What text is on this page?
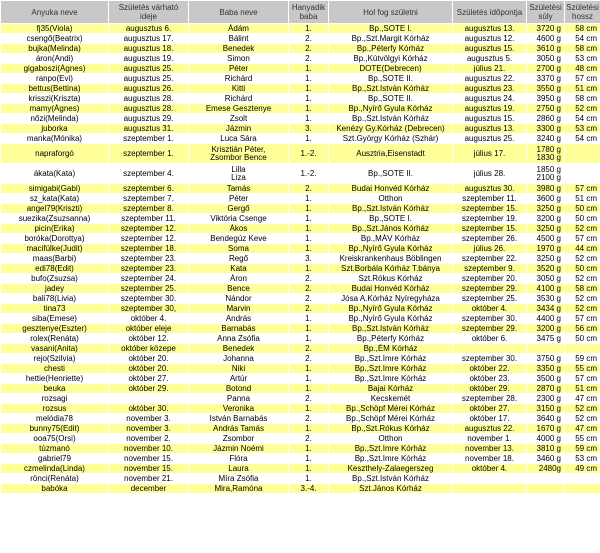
Anyuka neve	Születés várható ideje	Baba neve	Hanyadik baba	Hol fog születni	Születés időpontja	Születési súly	Születési hossz

fj35(Viola)	augusztus 6.	Ádám	1.	Bp.,SOTE I.	augusztus 13.	3720 g	58 cm

csengő(Beatrix)	augusztus 17.	Bálint	2.	Bp.,Szt.Margit Kórház	augusztus 12.	4600 g	54 cm

bujka(Melinda)	augusztus 18.	Benedek	2.	Bp.,Péterfy Kórház	augusztus 15.	3610 g	58 cm

áron(Andi)	augusztus 19.	Simon	2.	Bp.,Kútvölgyi Kórház	augusztus 5.	3050 g	53 cm

gigaboszi(Ágnes)	augusztus 25.	Péter	1.	DOTE(Debrecen)	július 21.	2700 g	48 cm

ranpo(Evi)	augusztus 25.	Richárd	1.	Bp.,SOTE II.	augusztus 22.	3370 g	57 cm

bettus(Bettina)	augusztus 26.	Kitti	1.	Bp.,Szt.István Kórház	augusztus 23.	3550 g	51 cm

krisszi(Kriszta)	augusztus 28.	Richárd	1.	Bp.,SOTE II.	augusztus 24.	3950 g	58 cm

mamy(Ágnes)	augusztus 28.	Emese Gesztenye	1.	Bp.,Nyírő Gyula Kórház	augusztus 19.	2750 g	52 cm

nőzi(Melinda)	augusztus 29.	Zsolt	1.	Bp.,Szt.István Kórház	augusztus 15.	2860 g	54 cm

juborka	augusztus 31.	Jázmin	3.	Kenézy Gy.Kórház (Debrecen)	augusztus 13.	3300 g	53 cm

manka(Mónika)	szeptember 1.	Luca Sára	1.	Szt.György Kórház (Szhár)	augusztus 25.	3240 g	54 cm

napraforgó	szeptember 1.	Krisztián Péter,
Zsombor Bence	1.-2.	Ausztria,Eisenstadt	július 17.	1780 g
1830 g	

ákata(Kata)	szeptember 4.	Lilla
Liza	1.-2.	Bp.,SOTE II.	július 28.	1850 g
2100 g	

simigabi(Gabi)	szeptember 6.	Tamás	2.	Budai Honvéd Kórház	augusztus 30.	3980 g	57 cm

sz_kata(Kata)	szeptember 7.	Péter	1.	Otthon	szeptember 11.	3600 g	51 cm

angel79(Kriszti)	szeptember 8.	Gergő	1.	Bp.,Szt.István Kórház	szeptember 15.	3250 g	50 cm

suezika(Zsuzsanna)	szeptember 11.	Viktória Csenge	1.	Bp.,SOTE I.	szeptember 19.	3200 g	50 cm

picin(Erika)	szeptember 12.	Ákos	1.	Bp.,Szt.János Kórház	szeptember 15.	3250 g	52 cm

boróka(Dorottya)	szeptember 12.	Bendegúz Keve	1.	Bp.,MÁV Kórház	szeptember 26.	4500 g	57 cm

macifülke(Judit)	szeptember 18.	Soma	1.	Bp.,Nyírő Gyula Kórház	július 26.	1970 g	44 cm

maas(Barbi)	szeptember 23.	Regő	3.	Kreiskrankenhaus Böblingen	szeptember 22.	3250 g	52 cm

edi78(Edit)	szeptember 23.	Kata	1.	Szt.Borbála Kórház T.bánya	szeptember 9.	3520 g	50 cm

bufo(Zsuzsa)	szeptember 24.	Áron	2.	Szt.Rókus Kórház	szeptember 20.	3050 g	52 cm

jadey	szeptember 25.	Bence	2.	Budai Honvéd Kórház	szeptember 29.	4100 g	58 cm

bali78(Livia)	szeptember 30.	Nándor	2.	Jósa A.Kórház Nyíregyháza	szeptember 25.	3530 g	52 cm

tina73	szeptember 30,	Marvin	2.	Bp.,Nyírő Gyula Kórház	október 4.	3434 g	52 cm

siba(Emese)	október 4.	András	1.	Bp.,Nyírő Gyula Kórház	szeptember 30.	4400 g	57 cm

gesztenye(Eszter)	október eleje	Barnabás	1.	Bp.,Szt.István Kórház	szeptember 29.	3200 g	56 cm

rolex(Renáta)	október 12.	Anna Zsófia	1.	Bp.,Péterfy Kórház	október 6.	3475 g	50 cm

vasani(Anita)	október közepe	Benedek	2.	Bp.,ÉM Kórház			

rejo(Szilvia)	október 20.	Johanna	2.	Bp.,Szt.Imre Kórház	szeptember 30.	3750 g	59 cm

chesti	október 20.	Niki	1.	Bp.,Szt.Imre Kórház	október 22.	3350 g	55 cm

hettie(Henriette)	október 27.	Artúr	1.	Bp.,Szt.Imre Kórház	október 23.	3500 g	57 cm

beuka	október 29.	Botond	1.	Bajai Kórház	október 29.	2870 g	51 cm

rozsagi		Panna	2.	Kecskemét	szeptember 28.	2300 g	47 cm

rozsus	október 30.	Veronika	1.	Bp.,Schöpf Mérei Kórház	október 27.	3150 g	52 cm

melódia78	november 3.	István Barnabás	2.	Bp.,Schöpf Mérei Kórház	október 17.	3640 g	52 cm

bunny75(Edit)	november 3.	András Tamás	1.	Bp.,Szt.Rókus Kórház	augusztus 22.	1670 g	47 cm

ooa75(Orsi)	november 2.	Zsombor	2.	Otthon	november 1.	4000 g	55 cm

túzmanó	november 10.	Jázmin Noémi	1.	Bp.,Szt.Imre Kórház	november 13.	3810 g	59 cm

gabriel79	november 15.	Flóra	1.	Bp.,Szt.Imre Kórház	november 18.	3460 g	53 cm

czmelinda(Linda)	november 15.	Laura	1.	Keszthely-Zalaegerszeg	október 4.	2480g	49 cm

rönci(Renáta)	november 21.	Míra Zsófia	1.	Bp.,Szt.István Kórház			

babóka	december	Mira,Ramóna	3.-4.	Szt.János Kórház			
